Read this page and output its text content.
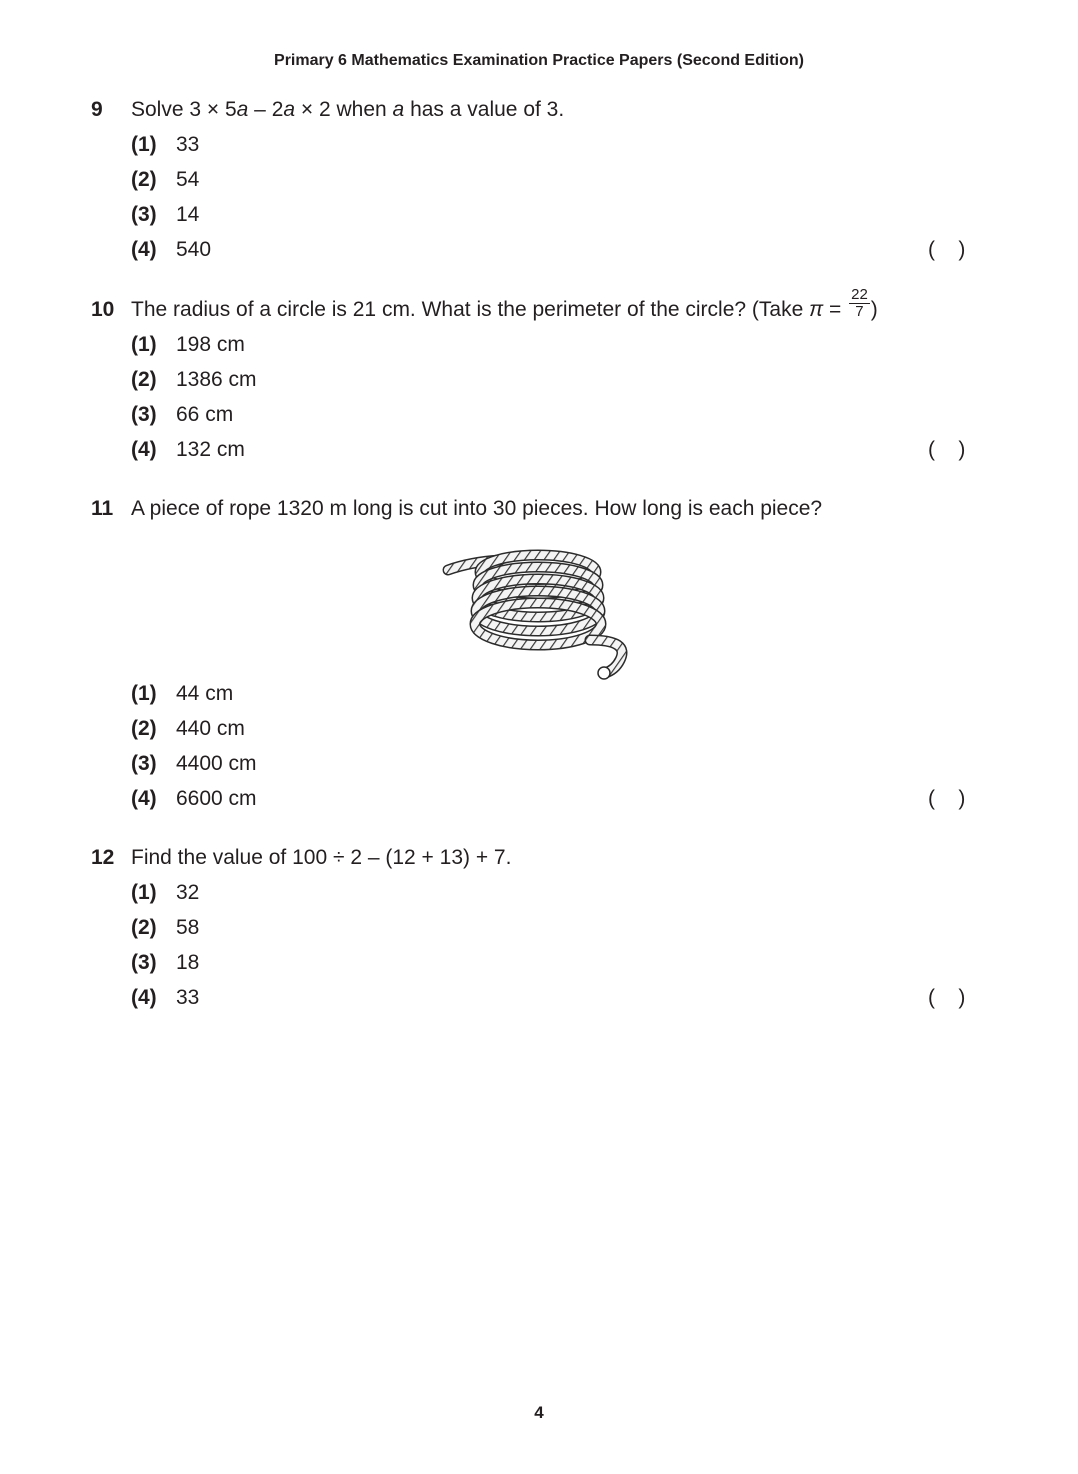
Primary 6 Mathematics Examination Practice Papers (Second Edition)
9 Solve 3 × 5a – 2a × 2 when a has a value of 3.
(1) 33
(2) 54
(3) 14
(4) 540	(    )
10 The radius of a circle is 21 cm. What is the perimeter of the circle? (Take $\pi = \frac{22}{7}$ )
(1) 198 cm
(2) 1386 cm
(3) 66 cm
(4) 132 cm	(    )
11 A piece of rope 1320 m long is cut into 30 pieces. How long is each piece?
(1) 44 cm
(2) 440 cm
(3) 4400 cm
(4) 6600 cm	(    )
12 Find the value of 100 ÷ 2 – (12 + 13) + 7.
(1) 32
(2) 58
(3) 18
(4) 33	(    )
4
